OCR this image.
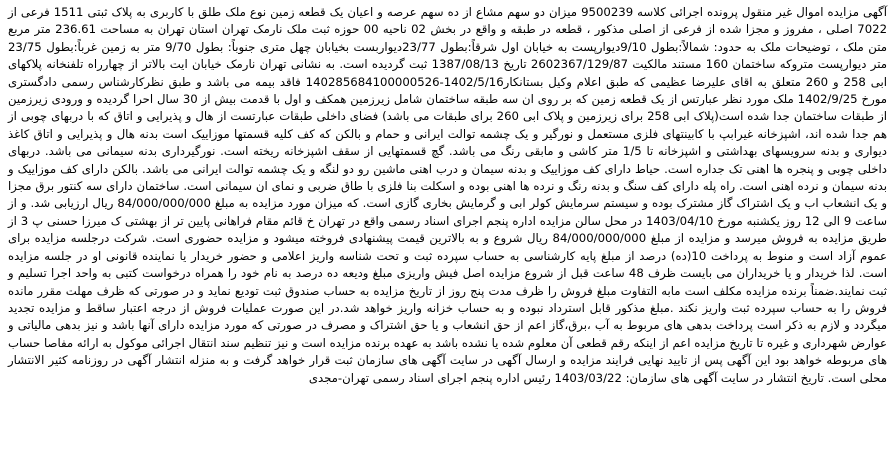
آگهی مزایده اموال غیر منقول پرونده اجرائی کلاسه 9500239 میزان دو سهم مشاع از ده سهم عرصه و اعیان یک قطعه زمین نوع ملک طلق با کاربری به پلاک ثبتی 1511 فرعی از 7022 اصلی ، مفروز و مجزا شده از فرعی از اصلی مذکور ، قطعه در طبقه و واقع در بخش 02 ناحیه 00 حوزه ثبت ملک نارمک تهران استان تهران به مساحت 236.61 متر مربع متن ملک ، توضیحات ملک به حدود: شمالاً:بطول 9/10دیوارپست به خیابان اول شرقاً:بطول 23/77دیواربست بخیابان چهل متری جنوباً: بطول 9/70 متر به زمین غرباً:بطول 23/75 متر دیوارپست متروکه ساختمان 160 مستند مالکیت 2602367/129/87 تاریخ 1387/08/13 ثبت گردیده است. به نشانی تهران نارمک خیابان ایت بالاتر از چهارراه تلفنخانه پلاکهای ابی 258 و 260 متعلق به اقای علیرضا عظیمی که طبق اعلام وکیل بستانکار1402/5/16-140285684100000526 فاقد بیمه می باشد و طبق نظرکارشناس رسمی دادگستری مورخ 1402/9/25 ملک مورد نظر عبارتس از یک قطعه زمین که بر روی ان سه طبقه ساختمان شامل زیرزمین همکف و اول با قدمت بیش از 30 سال احرا گردیده و ورودی زیرزمین از طبقات ساختمان جدا شده است(پلاک ابی 258 برای زیرزمین و پلاک ابی 260 برای طبقات می باشد) فضای داخلی طبقات عبارتست از هال و پذیرایی و اتاق که با دربهای چوبی از هم جدا شده اند، اشپزخانه غیرابپ با کابینتهای فلزی مستعمل و نورگیر و یک چشمه توالت ایرانی و حمام و بالکن که کف کلیه قسمتها موزاییک است بدنه هال و پذیرایی و اتاق کاغذ دیواری و بدنه سرویسهای بهداشتی و اشپزخانه تا 1/5 متر کاشی و مابقی رنگ می باشد. گچ قسمتهایی از سقف اشپزخانه ریخته است. نورگیرداری بدنه سیمانی می باشد. دربهای داخلی چوبی و پنجره ها اهنی تک جداره است. حیاط دارای کف موزاییک و بدنه سیمان و درب اهنی ماشین رو دو لنگه و یک چشمه توالت ایرانی می باشد. بالکن دارای کف موزاییک و بدنه سیمان و نرده اهنی است. راه پله دارای کف سنگ و بدنه رنگ و نرده ها اهنی بوده و اسکلت بنا فلزی با طاق ضربی و نمای ان سیمانی است. ساختمان دارای سه کنتور برق مجزا و یک انشعاب اب و یک اشتراک گاز مشترک بوده و سیستم سرمایش کولر ابی و گرمایش بخاری گازی است. که میزان مورد مزایده به مبلغ 84/000/000/000 ریال ارزیابی شد. و از ساعت 9 الی 12 روز یکشنبه مورخ 1403/04/10 در محل سالن مزایده اداره پنجم اجرای اسناد رسمی واقع در تهران خ قائم مقام فراهانی پایین تر از بهشتی ک میرزا حسنی پ 3 از طریق مزایده به فروش میرسد و مزایده از مبلغ 84/000/000/000 ریال شروع و به بالاترین قیمت پیشنهادی فروخته میشود و مزایده حضوری است. شرکت درجلسه مزایده برای عموم آزاد است و منوط به پرداخت 10(ده) درصد از مبلغ پایه کارشناسی به حساب سپرده ثبت و تحت شناسه واریز اعلامی و حضور خریدار یا نماینده قانونی او در جلسه مزایده است. لذا خریدار و یا خریداران می بایست ظرف 48 ساعت قبل از شروع مزایده اصل فیش واریزی مبلغ ودیعه ده درصد به نام خود را همراه درخواست کتبی به واحد اجرا تسلیم و ثبت نمایند.ضمناً برنده مزایده مکلف است مابه التفاوت مبلغ فروش را ظرف مدت پنج روز از تاریخ مزایده به حساب صندوق ثبت تودیع نماید و در صورتی که ظرف مهلت مقرر مانده فروش را به حساب سپرده ثبت واریز نکند .مبلغ مذکور قابل استرداد نبوده و به حساب خزانه واریز خواهد شد.در این صورت عملیات فروش از درجه اعتبار ساقط و مزایده تجدید میگردد و لازم به ذکر است پرداخت بدهی های مربوط به آب ،برق،گاز اعم از حق انشعاب و یا حق اشتراک و مصرف در صورتی که مورد مزایده دارای آنها باشد و نیز بدهی مالیاتی و عوارض شهرداری و غیره تا تاریخ مزایده اعم از اینکه رقم قطعی آن معلوم شده یا نشده باشد به عهده برنده مزایده است و نیز تنظیم سند انتقال اجرائی موکول به ارائه مفاصا حساب های مربوطه خواهد بود این آگهی پس از تایید نهایی فرایند مزایده و ارسال آگهی در سایت آگهی های سازمان ثبت قرار خواهد گرفت و به منزله انتشار آگهی در روزنامه کثیر الانتشار محلی است. تاریخ انتشار در سایت آگهی های سازمان: 1403/03/22 رئیس اداره پنجم اجرای اسناد رسمی تهران-مجدی
